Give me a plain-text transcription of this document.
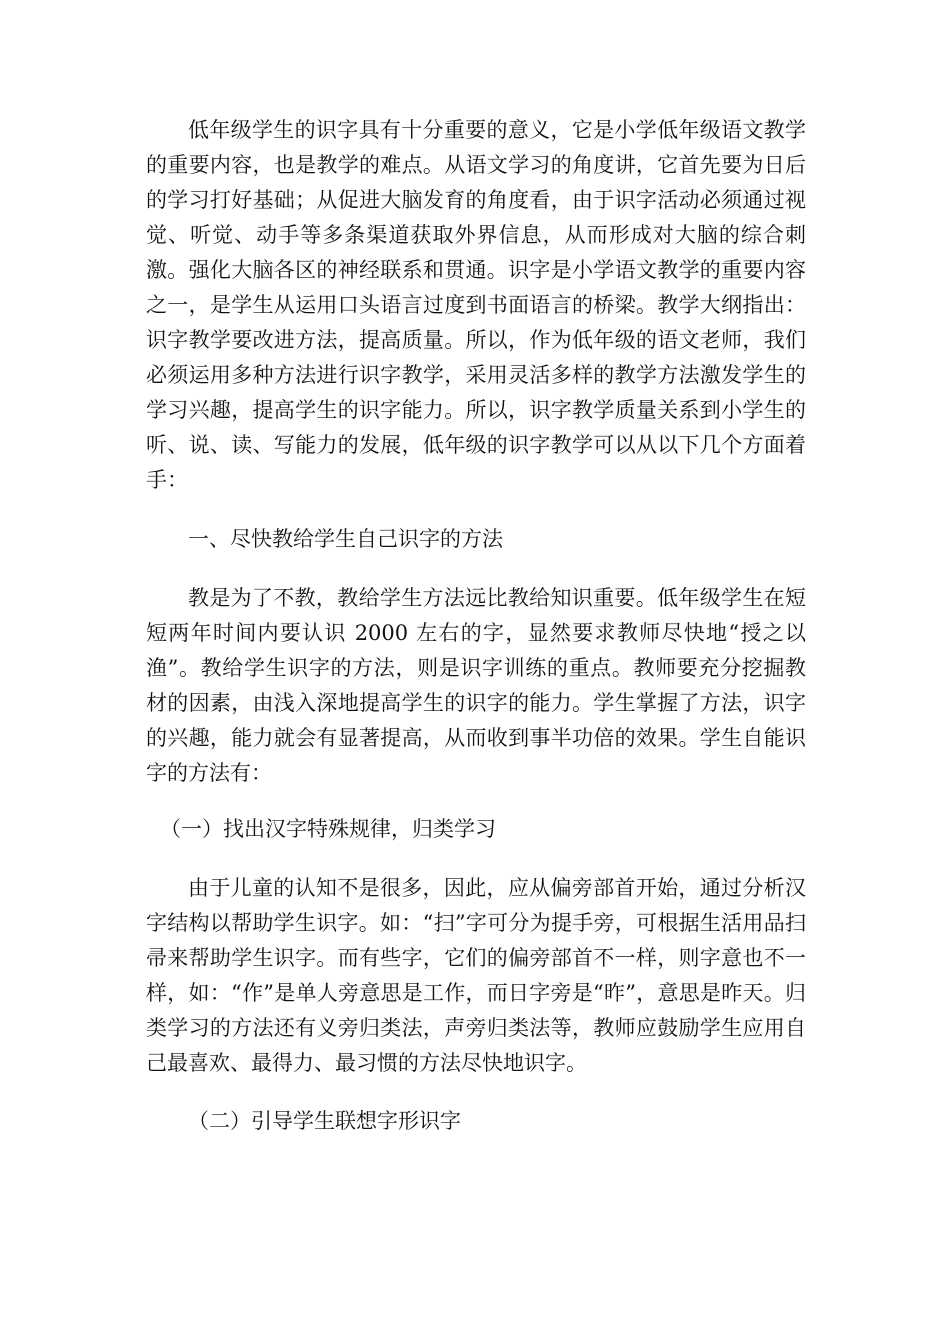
低年级学生的识字具有十分重要的意义，它是小学低年级语文教学的重要内容，也是教学的难点。从语文学习的角度讲，它首先要为日后的学习打好基础；从促进大脑发育的角度看，由于识字活动必须通过视觉、听觉、动手等多条渠道获取外界信息，从而形成对大脑的综合刺激。强化大脑各区的神经联系和贯通。识字是小学语文教学的重要内容之一，是学生从运用口头语言过度到书面语言的桥梁。教学大纲指出：识字教学要改进方法，提高质量。所以，作为低年级的语文老师，我们必须运用多种方法进行识字教学，采用灵活多样的教学方法激发学生的学习兴趣，提高学生的识字能力。所以，识字教学质量关系到小学生的听、说、读、写能力的发展，低年级的识字教学可以从以下几个方面着手：

一、尽快教给学生自己识字的方法

教是为了不教，教给学生方法远比教给知识重要。低年级学生在短短两年时间内要认识 2000 左右的字，显然要求教师尽快地“授之以渔”。教给学生识字的方法，则是识字训练的重点。教师要充分挖掘教材的因素，由浅入深地提高学生的识字的能力。学生掌握了方法，识字的兴趣，能力就会有显著提高，从而收到事半功倍的效果。学生自能识字的方法有：

（一）找出汉字特殊规律，归类学习

由于儿童的认知不是很多，因此，应从偏旁部首开始，通过分析汉字结构以帮助学生识字。如：“扫”字可分为提手旁，可根据生活用品扫帚来帮助学生识字。而有些字，它们的偏旁部首不一样，则字意也不一样，如：“作”是单人旁意思是工作，而日字旁是“昨”，意思是昨天。归类学习的方法还有义旁归类法，声旁归类法等，教师应鼓励学生应用自己最喜欢、最得力、最习惯的方法尽快地识字。

（二）引导学生联想字形识字
